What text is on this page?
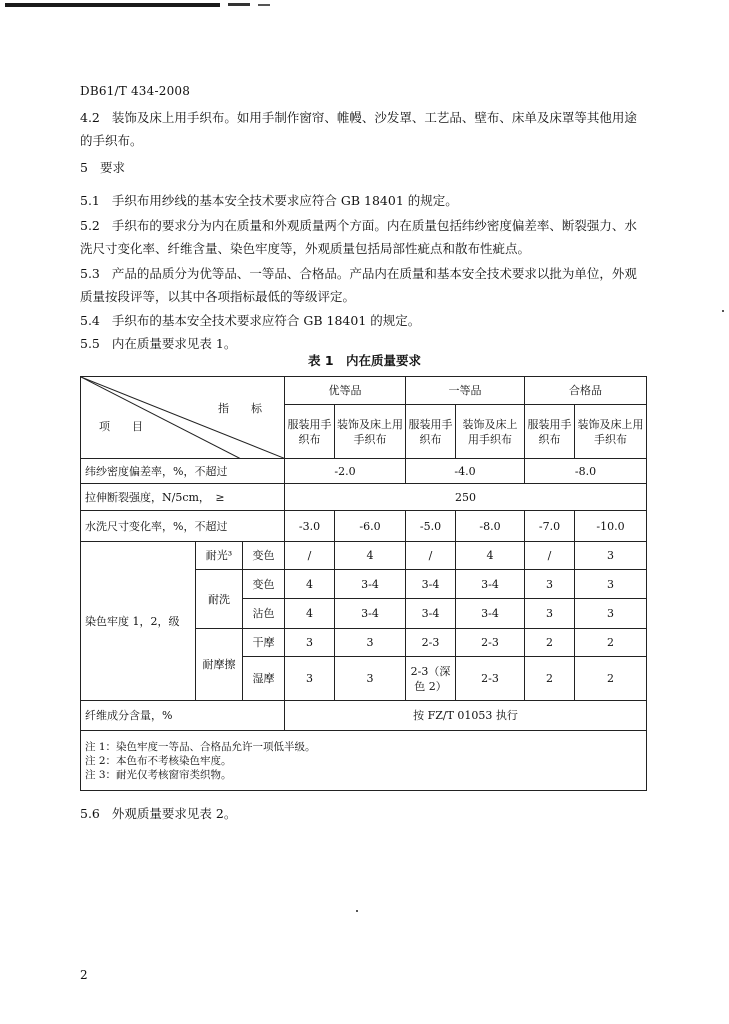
DB61/T 434-2008
4.2 装饰及床上用手织布。如用手制作窗帘、帷幔、沙发罩、工艺品、壁布、床单及床罩等其他用途的手织布。
5 要求
5.1 手织布用纱线的基本安全技术要求应符合 GB 18401 的规定。
5.2 手织布的要求分为内在质量和外观质量两个方面。内在质量包括纬纱密度偏差率、断裂强力、水洗尺寸变化率、纤维含量、染色牢度等，外观质量包括局部性疵点和散布性疵点。
5.3 产品的品质分为优等品、一等品、合格品。产品内在质量和基本安全技术要求以批为单位，外观质量按段评等，以其中各项指标最低的等级评定。
5.4 手织布的基本安全技术要求应符合 GB 18401 的规定。
5.5 内在质量要求见表 1。
表 1　内在质量要求
指　　标
项　　目			优等品		一等品		合格品	
			服装用手织布	装饰及床上用手织布	服装用手织布	装饰及床上用手织布	服装用手织布	装饰及床上用手织布
纬纱密度偏差率，%，不超过			-2.0		-4.0		-8.0	
拉伸断裂强度，N/5cm，　≥			250					
水洗尺寸变化率，%，不超过			-3.0	-6.0	-5.0	-8.0	-7.0	-10.0
染色牢度 1，2，级	耐光³	变色	/	4	/	4	/	3
	耐洗	变色	4	3-4	3-4	3-4	3	3
		沾色	4	3-4	3-4	3-4	3	3
	耐摩擦	干摩	3	3	2-3	2-3	2	2
		湿摩	3	3	2-3（深色 2）	2-3	2	2
纤维成分含量，%			按 FZ/T 01053 执行					

注 1：染色牢度一等品、合格品允许一项低半级。
注 2：本色布不考核染色牢度。
注 3：耐光仅考核窗帘类织物。								
5.6 外观质量要求见表 2。
2
